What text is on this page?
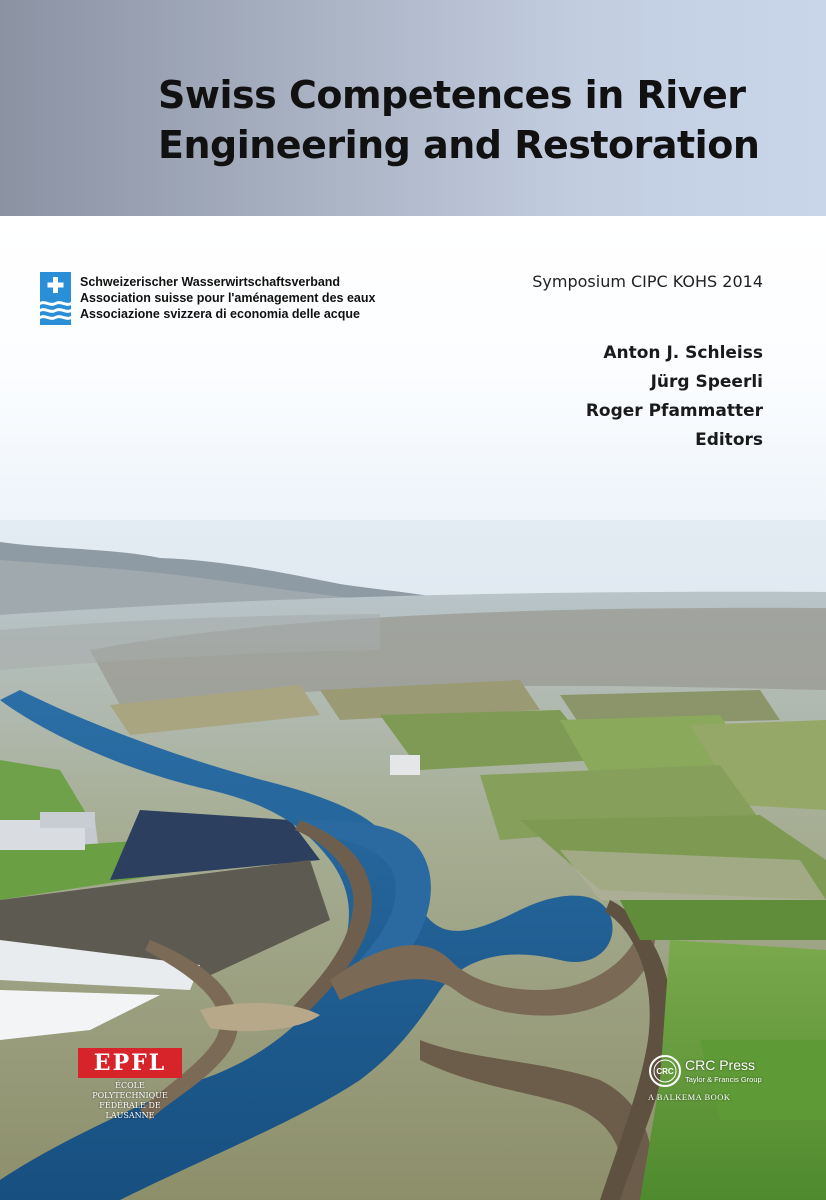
Swiss Competences in River
Engineering and Restoration
Schweizerischer Wasserwirtschaftsverband
Association suisse pour l'aménagement des eaux
Associazione svizzera di economia delle acque
Symposium CIPC KOHS 2014
Anton J. Schleiss
Jürg Speerli
Roger Pfammatter
Editors
EPFL
ÉCOLE POLYTECHNIQUE
FÉDÉRALE DE LAUSANNE
CRC CRC Press
Taylor & Francis Group
A BALKEMA BOOK
